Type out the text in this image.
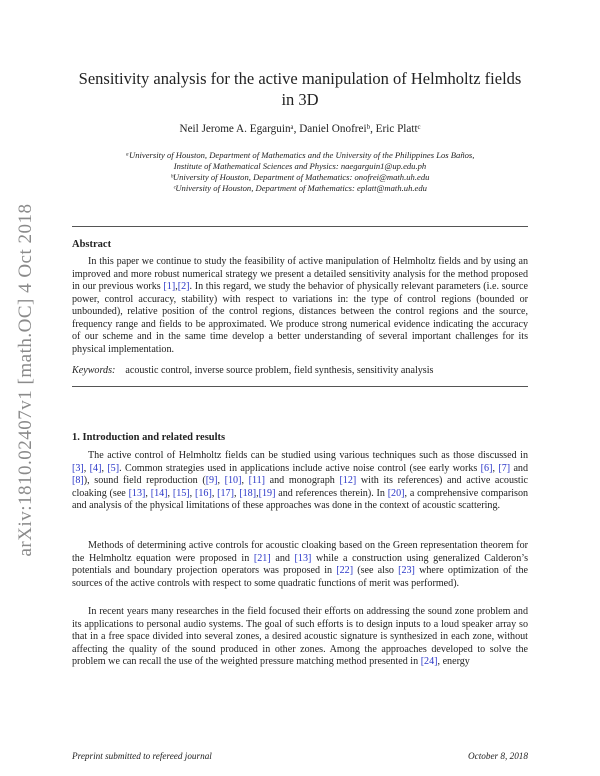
arXiv:1810.02407v1 [math.OC] 4 Oct 2018
Sensitivity analysis for the active manipulation of Helmholtz fields
in 3D
Neil Jerome A. Egarguinᵃ, Daniel Onofreiᵇ, Eric Plattᶜ
ᵃUniversity of Houston, Department of Mathematics and the University of the Philippines Los Baños,
Institute of Mathematical Sciences and Physics: naegarguin1@up.edu.ph
ᵇUniversity of Houston, Department of Mathematics: onofrei@math.uh.edu
ᶜUniversity of Houston, Department of Mathematics: eplatt@math.uh.edu
Abstract
In this paper we continue to study the feasibility of active manipulation of Helmholtz fields and by using an improved and more robust numerical strategy we present a detailed sensitivity analysis for the method proposed in our previous works [1],[2]. In this regard, we study the behavior of physically relevant parameters (i.e. source power, control accuracy, stability) with respect to variations in: the type of control regions (bounded or unbounded), relative position of the control regions, distances between the control regions and the source, frequency range and fields to be approximated. We produce strong numerical evidence indicating the accuracy of our scheme and in the same time develop a better understanding of several important challenges for its physical implementation.
Keywords: acoustic control, inverse source problem, field synthesis, sensitivity analysis
1. Introduction and related results
The active control of Helmholtz fields can be studied using various techniques such as those discussed in [3], [4], [5]. Common strategies used in applications include active noise control (see early works [6], [7] and [8]), sound field reproduction ([9], [10], [11] and monograph [12] with its references) and active acoustic cloaking (see [13], [14], [15], [16], [17], [18],[19] and references therein). In [20], a comprehensive comparison and analysis of the physical limitations of these approaches was done in the context of acoustic scattering.
Methods of determining active controls for acoustic cloaking based on the Green representation theorem for the Helmholtz equation were proposed in [21] and [13] while a construction using generalized Calderon’s potentials and boundary projection operators was proposed in [22] (see also [23] where optimization of the sources of the active controls with respect to some quadratic functions of merit was performed).
In recent years many researches in the field focused their efforts on addressing the sound zone problem and its applications to personal audio systems. The goal of such efforts is to design inputs to a loud speaker array so that in a free space divided into several zones, a desired acoustic signature is synthesized in each zone, without affecting the quality of the sound produced in other zones. Among the approaches developed to solve the problem we can recall the use of the weighted pressure matching method presented in [24], energy
Preprint submitted to refereed journal	October 8, 2018
